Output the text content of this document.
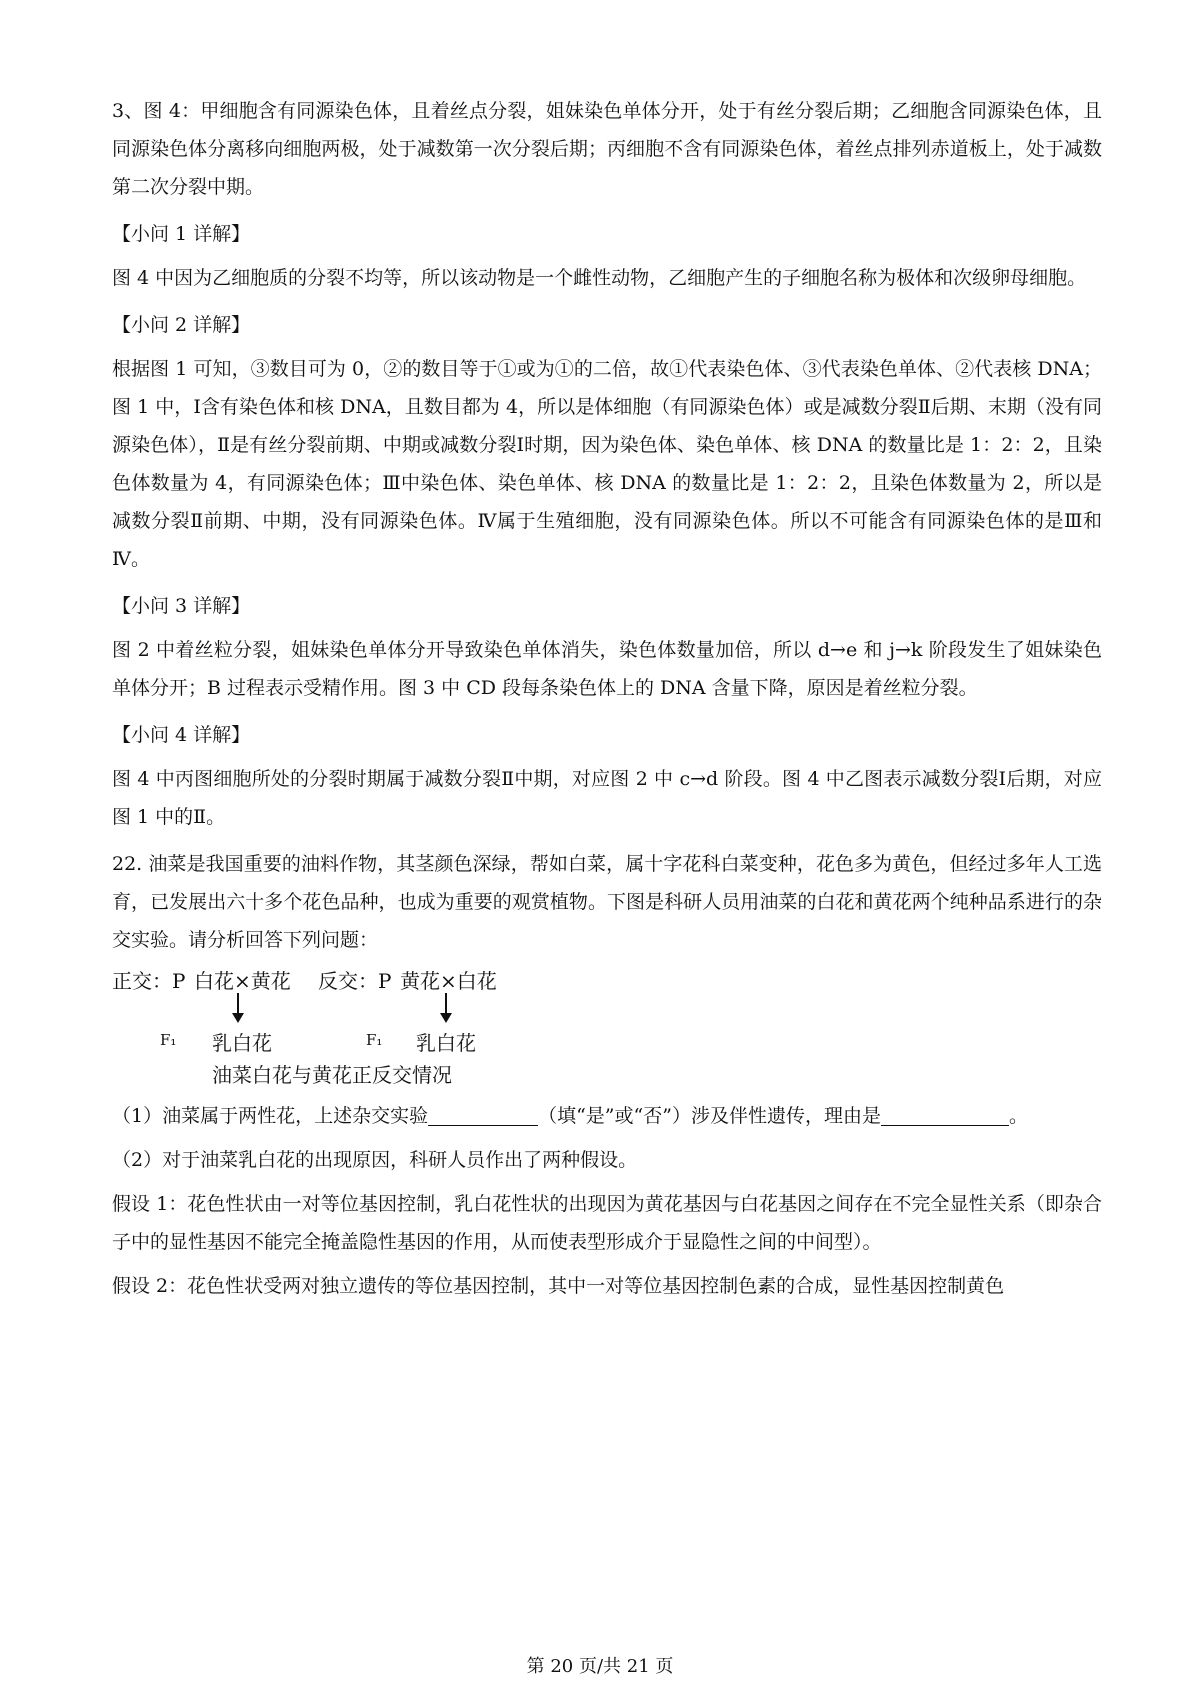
3、图 4：甲细胞含有同源染色体，且着丝点分裂，姐妹染色单体分开，处于有丝分裂后期；乙细胞含同源染色体，且同源染色体分离移向细胞两极，处于减数第一次分裂后期；丙细胞不含有同源染色体，着丝点排列赤道板上，处于减数第二次分裂中期。

【小问 1 详解】

图 4 中因为乙细胞质的分裂不均等，所以该动物是一个雌性动物，乙细胞产生的子细胞名称为极体和次级卵母细胞。

【小问 2 详解】

根据图 1 可知，③数目可为 0，②的数目等于①或为①的二倍，故①代表染色体、③代表染色单体、②代表核 DNA；图 1 中，Ⅰ含有染色体和核 DNA，且数目都为 4，所以是体细胞（有同源染色体）或是减数分裂Ⅱ后期、末期（没有同源染色体），Ⅱ是有丝分裂前期、中期或减数分裂Ⅰ时期，因为染色体、染色单体、核 DNA 的数量比是 1：2：2，且染色体数量为 4，有同源染色体；Ⅲ中染色体、染色单体、核 DNA 的数量比是 1：2：2，且染色体数量为 2，所以是减数分裂Ⅱ前期、中期，没有同源染色体。Ⅳ属于生殖细胞，没有同源染色体。所以不可能含有同源染色体的是Ⅲ和Ⅳ。

【小问 3 详解】

图 2 中着丝粒分裂，姐妹染色单体分开导致染色单体消失，染色体数量加倍，所以 d→e 和 j→k 阶段发生了姐妹染色单体分开；B 过程表示受精作用。图 3 中 CD 段每条染色体上的 DNA 含量下降，原因是着丝粒分裂。

【小问 4 详解】

图 4 中丙图细胞所处的分裂时期属于减数分裂Ⅱ中期，对应图 2 中 c→d 阶段。图 4 中乙图表示减数分裂Ⅰ后期，对应图 1 中的Ⅱ。

22. 油菜是我国重要的油料作物，其茎颜色深绿，帮如白菜，属十字花科白菜变种，花色多为黄色，但经过多年人工选育，已发展出六十多个花色品种，也成为重要的观赏植物。下图是科研人员用油菜的白花和黄花两个纯种品系进行的杂交实验。请分析回答下列问题：

正交：P 白花×黄花 反交：P 黄花×白花
F₁ 乳白花	F₁ 乳白花
油菜白花与黄花正反交情况

（1）油菜属于两性花，上述杂交实验	（填“是”或“否”）涉及伴性遗传，理由是	。

（2）对于油菜乳白花的出现原因，科研人员作出了两种假设。

假设 1：花色性状由一对等位基因控制，乳白花性状的出现因为黄花基因与白花基因之间存在不完全显性关系（即杂合子中的显性基因不能完全掩盖隐性基因的作用，从而使表型形成介于显隐性之间的中间型）。

假设 2：花色性状受两对独立遗传的等位基因控制，其中一对等位基因控制色素的合成，显性基因控制黄色

第 20 页/共 21 页
